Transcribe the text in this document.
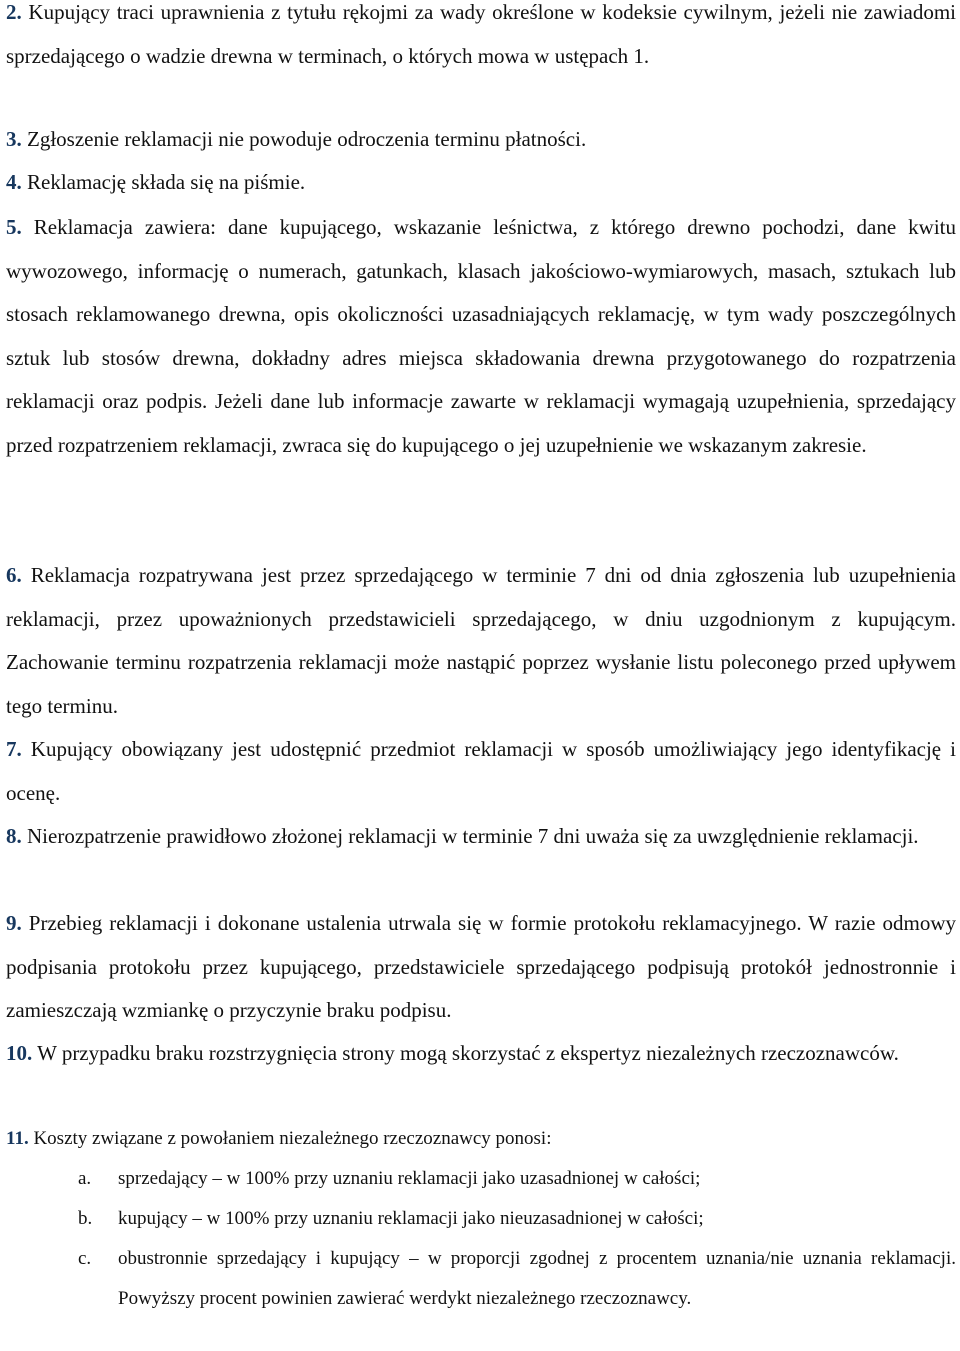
2. Kupujący traci uprawnienia z tytułu rękojmi za wady określone w kodeksie cywilnym, jeżeli nie zawiadomi sprzedającego o wadzie drewna w terminach, o których mowa w ustępach 1.

3. Zgłoszenie reklamacji nie powoduje odroczenia terminu płatności.

4. Reklamację składa się na piśmie.

5. Reklamacja zawiera: dane kupującego, wskazanie leśnictwa, z którego drewno pochodzi, dane kwitu wywozowego, informację o numerach, gatunkach, klasach jakościowo-wymiarowych, masach, sztukach lub stosach reklamowanego drewna, opis okoliczności uzasadniających reklamację, w tym wady poszczególnych sztuk lub stosów drewna, dokładny adres miejsca składowania drewna przygotowanego do rozpatrzenia reklamacji oraz podpis. Jeżeli dane lub informacje zawarte w reklamacji wymagają uzupełnienia, sprzedający przed rozpatrzeniem reklamacji, zwraca się do kupującego o jej uzupełnienie we wskazanym zakresie.

6. Reklamacja rozpatrywana jest przez sprzedającego w terminie 7 dni od dnia zgłoszenia lub uzupełnienia reklamacji, przez upoważnionych przedstawicieli sprzedającego, w dniu uzgodnionym z kupującym. Zachowanie terminu rozpatrzenia reklamacji może nastąpić poprzez wysłanie listu poleconego przed upływem tego terminu.

7. Kupujący obowiązany jest udostępnić przedmiot reklamacji w sposób umożliwiający jego identyfikację i ocenę.

8. Nierozpatrzenie prawidłowo złożonej reklamacji w terminie 7 dni uważa się za uwzględnienie reklamacji.

9. Przebieg reklamacji i dokonane ustalenia utrwala się w formie protokołu reklamacyjnego. W razie odmowy podpisania protokołu przez kupującego, przedstawiciele sprzedającego podpisują protokół jednostronnie i zamieszczają wzmiankę o przyczynie braku podpisu.

10. W przypadku braku rozstrzygnięcia strony mogą skorzystać z ekspertyz niezależnych rzeczoznawców.

11. Koszty związane z powołaniem niezależnego rzeczoznawcy ponosi:

a. sprzedający – w 100% przy uznaniu reklamacji jako uzasadnionej w całości;

b. kupujący – w 100% przy uznaniu reklamacji jako nieuzasadnionej w całości;

c. obustronnie sprzedający i kupujący – w proporcji zgodnej z procentem uznania/nie uznania reklamacji. Powyższy procent powinien zawierać werdykt niezależnego rzeczoznawcy.
